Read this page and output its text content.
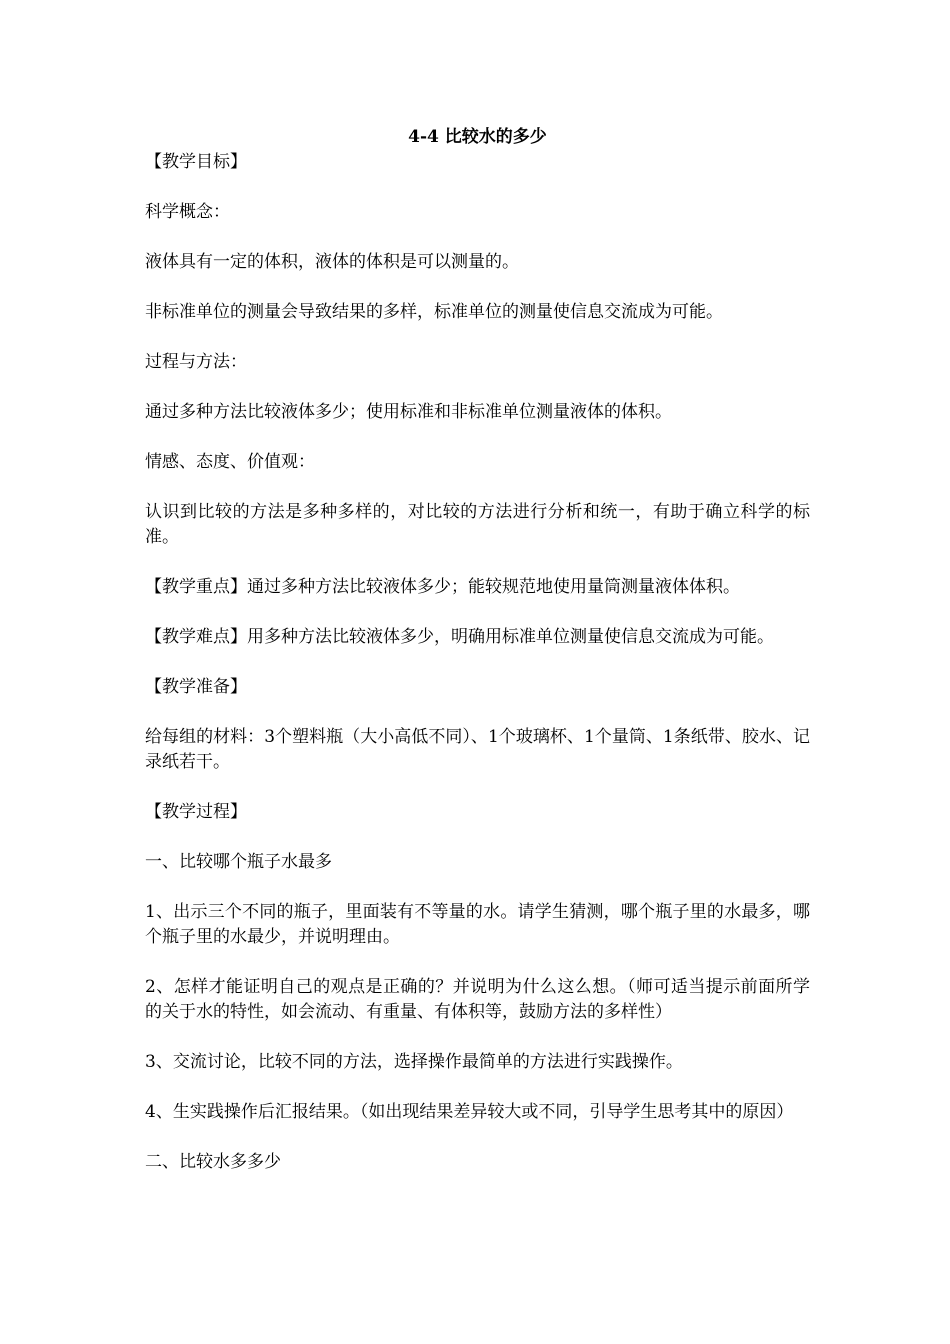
4-4 比较水的多少

【教学目标】

科学概念：

液体具有一定的体积，液体的体积是可以测量的。

非标准单位的测量会导致结果的多样，标准单位的测量使信息交流成为可能。

过程与方法：

通过多种方法比较液体多少；使用标准和非标准单位测量液体的体积。

情感、态度、价值观：

认识到比较的方法是多种多样的，对比较的方法进行分析和统一，有助于确立科学的标准。

【教学重点】通过多种方法比较液体多少；能较规范地使用量筒测量液体体积。

【教学难点】用多种方法比较液体多少，明确用标准单位测量使信息交流成为可能。

【教学准备】

给每组的材料：3个塑料瓶（大小高低不同）、1个玻璃杯、1个量筒、1条纸带、胶水、记录纸若干。

【教学过程】

一、比较哪个瓶子水最多

1、出示三个不同的瓶子，里面装有不等量的水。请学生猜测，哪个瓶子里的水最多，哪个瓶子里的水最少，并说明理由。

2、怎样才能证明自己的观点是正确的？并说明为什么这么想。（师可适当提示前面所学的关于水的特性，如会流动、有重量、有体积等，鼓励方法的多样性）

3、交流讨论，比较不同的方法，选择操作最简单的方法进行实践操作。

4、生实践操作后汇报结果。（如出现结果差异较大或不同，引导学生思考其中的原因）

二、比较水多多少
